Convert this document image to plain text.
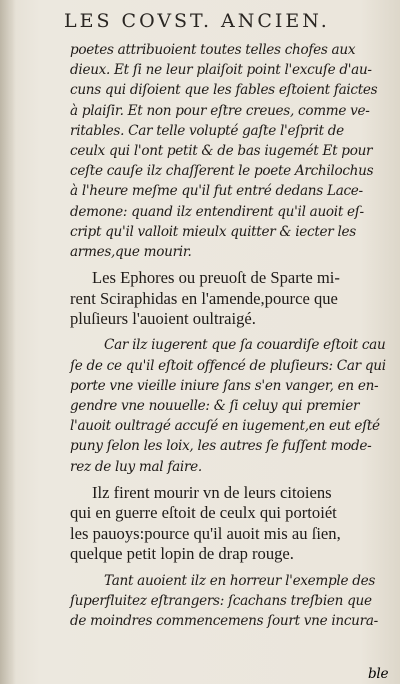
LES COVST. ANCIEN.
poetes attribuoient toutes telles chofes aux
dieux. Et ſi ne leur plaiſoit point l'excuſe d'au-
cuns qui diſoient que les fables eſtoient faictes
à plaiſir. Et non pour eſtre creues, comme ve-
ritables. Car telle volupté gaſte l'eſprit de
ceulx qui l'ont petit & de bas iugemét Et pour
ceſte cauſe ilz chaſſerent le poete Archilochus
à l'heure meſme qu'il fut entré dedans Lace-
demone: quand ilz entendirent qu'il auoit eſ-
cript qu'il valloit mieulx quitter & iecter les
armes,que mourir.
Les Ephores ou preuoſt de Sparte mi-
rent Sciraphidas en l'amende,pource que
pluſieurs l'auoient oultraigé.
Car ilz iugerent que ſa couardiſe eſtoit cau
ſe de ce qu'il eſtoit offencé de pluſieurs: Car qui
porte vne vieille iniure ſans s'en vanger, en en-
gendre vne nouuelle: & ſi celuy qui premier
l'auoit oultragé accuſé en iugement,en eut eſté
puny ſelon les loix, les autres ſe fuſſent mode-
rez de luy mal faire.
Ilz firent mourir vn de leurs citoiens
qui en guerre eſtoit de ceulx qui portoiét
les pauoys:pource qu'il auoit mis au ſien,
quelque petit lopin de drap rouge.
Tant auoient ilz en horreur l'exemple des
ſuperfluitez eſtrangers: ſcachans treſbien que
de moindres commencemens ſourt vne incura-
ble
